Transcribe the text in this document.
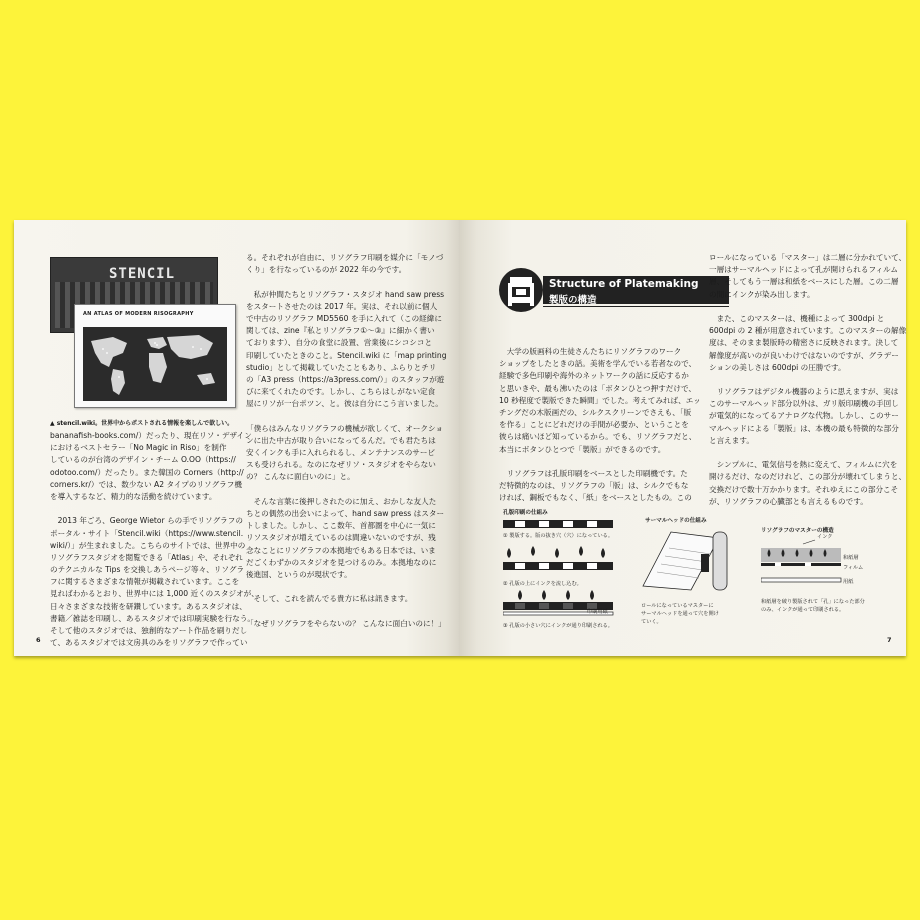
STENCIL
AN ATLAS OF MODERN RISOGRAPHY
▲ stencil.wiki。世界中からポストされる情報を楽しんで欲しい。
bananafish-books.com/）だったり、現在リソ・デザイン
におけるベストセラー「No Magic in Riso」を制作
しているのが台湾のデザイン・チーム O.OO（https://
odotoo.com/）だったり。また韓国の Corners（http://
corners.kr/）では、数少ない A2 タイプのリソグラフ機
を導入するなど、精力的な活動を続けています。
　2013 年ごろ、George Wietor らの手でリソグラフの
ポータル・サイト「Stencil.wiki（https://www.stencil.
wiki/）」が生まれました。こちらのサイトでは、世界中の
リソグラフスタジオを閲覧できる「Atlas」や、それぞれ
のテクニカルな Tips を交換しあうページ等々、リソグラ
フに関するさまざまな情報が掲載されています。ここを
見ればわかるとおり、世界中には 1,000 近くのスタジオが、
日々さまざまな技術を研鑽しています。あるスタジオは、
書籍／雑誌を印刷し、あるスタジオでは印刷実験を行なう。
そして他のスタジオでは、独創的なアート作品を刷りだし
て、あるスタジオでは文房具のみをリソグラフで作ってい
る。それぞれが自由に、リソグラフ印刷を媒介に「モノづ
くり」を行なっているのが 2022 年の今です。
　私が仲間たちとリソグラフ・スタジオ hand saw press
をスタートさせたのは 2017 年。実は、それ以前に個人
で中古のリソグラフ MD5560 を手に入れて（この経緯に
関しては、zine『私とリソグラフ①〜③』に細かく書い
ております）、自分の食堂に設置、営業後にシコシコと
印刷していたときのこと。Stencil.wiki に「map printing
studio」として掲載していたこともあり、ふらりとチリ
の「A3 press（https://a3press.com/）」のスタッフが遊
びに来てくれたのです。しかし、こちらはしがない定食
屋にリソが一台ポツン、と。彼は自分にこう言いました。
「僕らはみんなリソグラフの機械が欲しくて、オークショ
ンに出た中古が取り合いになってるんだ。でも君たちは
安くインクも手に入れられるし、メンテナンスのサービ
スも受けられる。なのになぜリソ・スタジオをやらない
の？ こんなに面白いのに」と。
　そんな言葉に後押しされたのに加え、おかしな友人た
ちとの偶然の出会いによって、hand saw press はスター
トしました。しかし、ここ数年、首都圏を中心に一気に
リソスタジオが増えているのは間違いないのですが、残
念なことにリソグラフの本拠地でもある日本では、いま
だごくわずかのスタジオを見つけるのみ。本拠地なのに
後進国、というのが現状です。
　そして、これを読んでる貴方に私は訊きます。
「なぜリソグラフをやらないの？ こんなに面白いのに！」
6
Structure of Platemaking
製版の構造
　大学の版画科の生徒さんたちにリソグラフのワーク
ショップをしたときの話。美術を学んでいる若者なので、
経験で多色印刷や海外のネットワークの話に反応するか
と思いきや、最も沸いたのは「ボタンひとつ押すだけで、
10 秒程度で製版できた瞬間」でした。考えてみれば、エッ
チングだの木版画だの、シルクスクリーンでさえも、「版
を作る」ことにどれだけの手間が必要か、ということを
彼らは痛いほど知っているから。でも、リソグラフだと、
本当にボタンひとつで「製版」ができるのです。
　リソグラフは孔版印刷をベースとした印刷機です。た
だ特徴的なのは、リソグラフの「版」は、シルクでもな
ければ、鋼板でもなく、「紙」をベースとしたもの。この
ロールになっている「マスター」は二層に分かれていて、
一層はサーマルヘッドによって孔が開けられるフィルム
層、そしてもう一層は和紙をベースにした層。この二層
の間にインクが染み出します。
　また、このマスターは、機種によって 300dpi と
600dpi の 2 種が用意されています。このマスターの解像
度は、そのまま製版時の精密さに反映されます。決して
解像度が高いのが良いわけではないのですが、グラデー
ションの美しさは 600dpi の圧勝です。
　リソグラフはデジタル機器のように思えますが、実は
このサーマルヘッド部分以外は、ガリ版印刷機の手回し
が電気的になってるアナログな代物。しかし、このサー
マルヘッドによる「製版」は、本機の最も特徴的な部分
と言えます。
　シンプルに、電気信号を熱に変えて、フィルムに穴を
開けるだけ、なのだけれど、この部分が壊れてしまうと、
交換だけで数十万かかります。それゆえにこの部分こそ
が、リソグラフの心臓部とも言えるものです。
孔版印刷の仕組み
① 製版する。版の抜き穴（穴）になっている。
② 孔版の上にインクを流し込む。
印刷用紙
③ 孔版の小さい穴にインクが通り印刷される。
サーマルヘッドの仕組み
ロールになっているマスターに
サーマルヘッドを通って穴を開け
ていく。
リソグラフのマスターの構造
インク
和紙層
フィルム
用紙
和紙層を破り製版されて「孔」になった部分
のみ、インクが通って印刷される。
7
